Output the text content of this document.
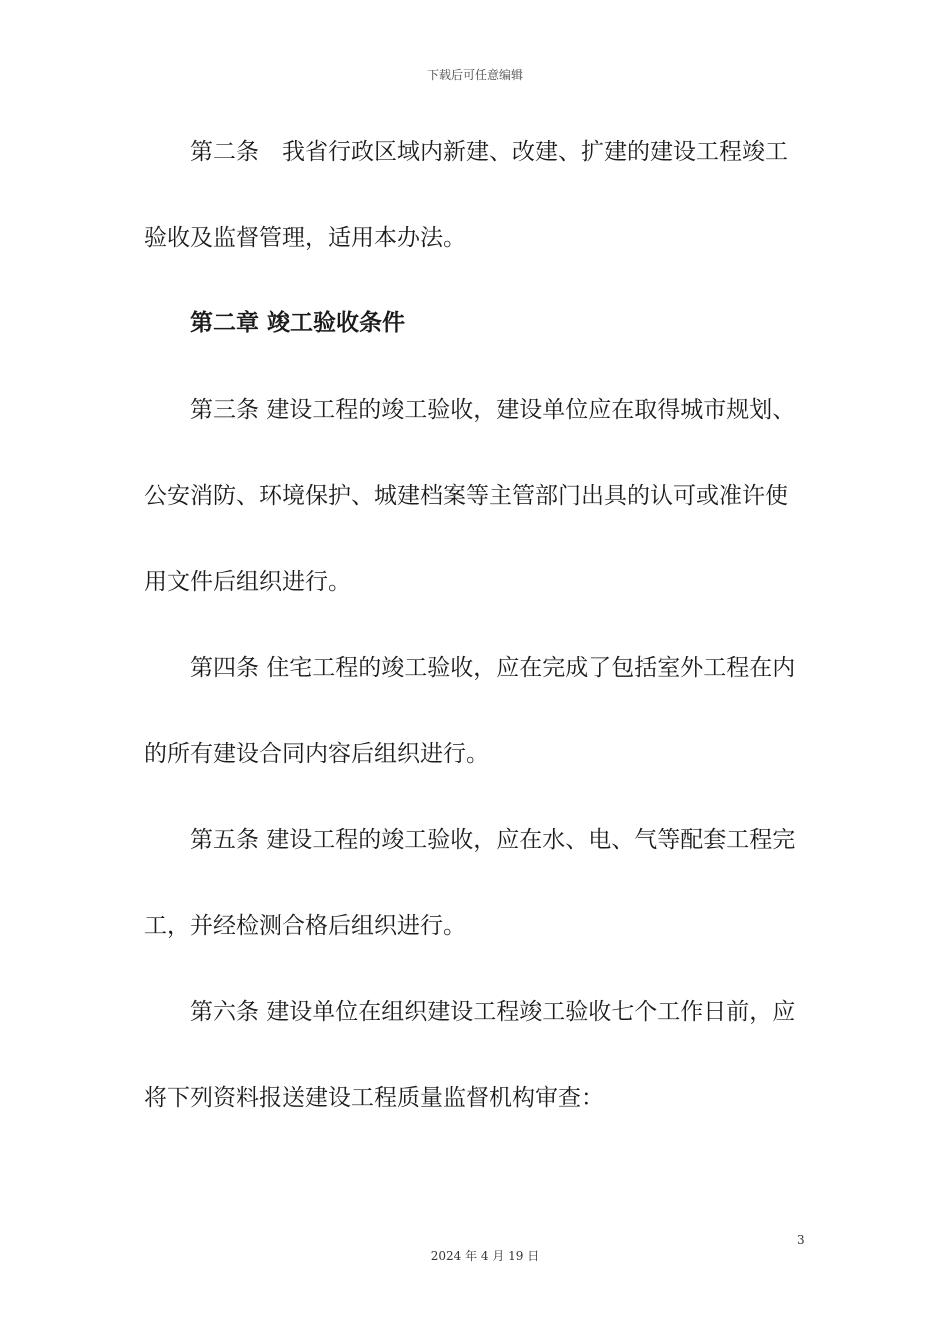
下载后可任意编辑
第二条　我省行政区域内新建、改建、扩建的建设工程竣工
验收及监督管理，适用本办法。
第二章 竣工验收条件
第三条 建设工程的竣工验收，建设单位应在取得城市规划、
公安消防、环境保护、城建档案等主管部门出具的认可或准许使
用文件后组织进行。
第四条 住宅工程的竣工验收，应在完成了包括室外工程在内
的所有建设合同内容后组织进行。
第五条 建设工程的竣工验收，应在水、电、气等配套工程完
工，并经检测合格后组织进行。
第六条 建设单位在组织建设工程竣工验收七个工作日前，应
将下列资料报送建设工程质量监督机构审查：
3
2024 年 4 月 19 日
